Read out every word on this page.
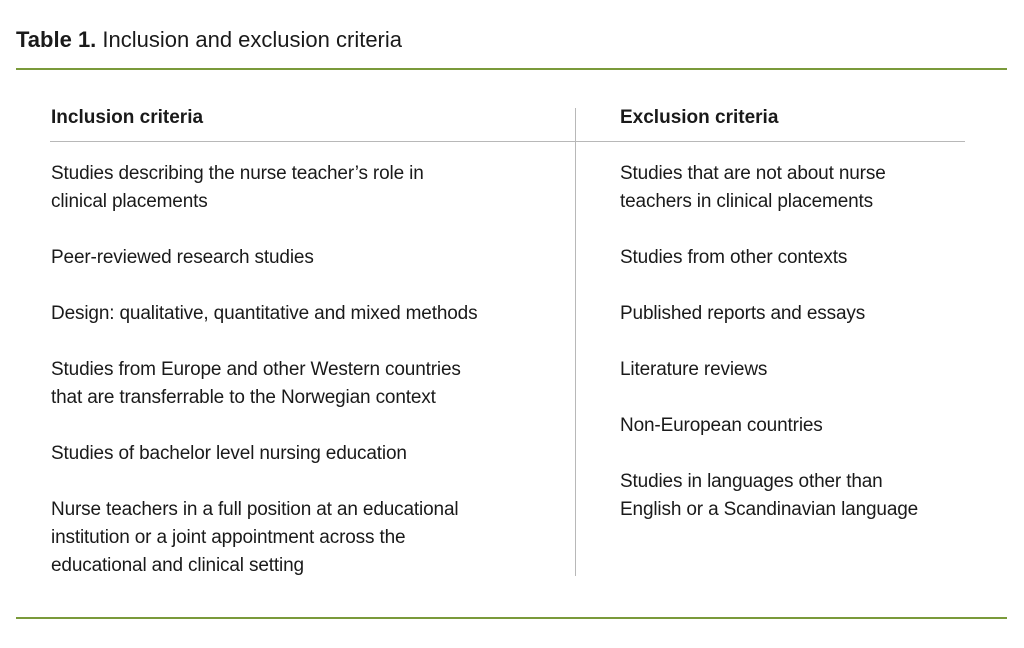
Table 1. Inclusion and exclusion criteria
Inclusion criteria
Studies describing the nurse teacher’s role in
clinical placements
Peer-reviewed research studies
Design: qualitative, quantitative and mixed methods
Studies from Europe and other Western countries
that are transferrable to the Norwegian context
Studies of bachelor level nursing education
Nurse teachers in a full position at an educational
institution or a joint appointment across the
educational and clinical setting
Exclusion criteria
Studies that are not about nurse
teachers in clinical placements
Studies from other contexts
Published reports and essays
Literature reviews
Non-European countries
Studies in languages other than
English or a Scandinavian language
